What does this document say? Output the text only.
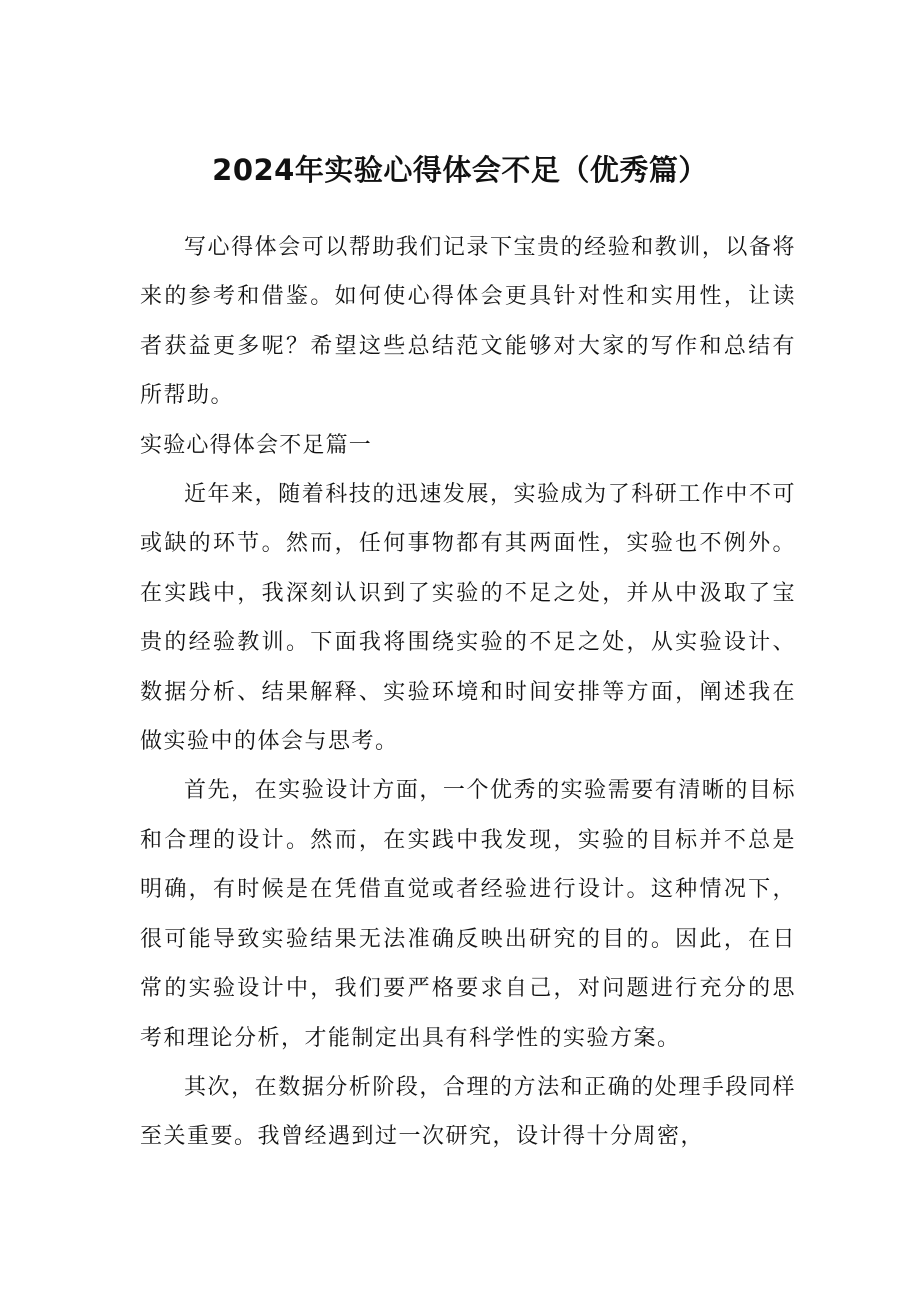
2024年实验心得体会不足（优秀篇）

写心得体会可以帮助我们记录下宝贵的经验和教训，以备将来的参考和借鉴。如何使心得体会更具针对性和实用性，让读者获益更多呢？希望这些总结范文能够对大家的写作和总结有所帮助。

实验心得体会不足篇一

近年来，随着科技的迅速发展，实验成为了科研工作中不可或缺的环节。然而，任何事物都有其两面性，实验也不例外。在实践中，我深刻认识到了实验的不足之处，并从中汲取了宝贵的经验教训。下面我将围绕实验的不足之处，从实验设计、数据分析、结果解释、实验环境和时间安排等方面，阐述我在做实验中的体会与思考。

首先，在实验设计方面，一个优秀的实验需要有清晰的目标和合理的设计。然而，在实践中我发现，实验的目标并不总是明确，有时候是在凭借直觉或者经验进行设计。这种情况下，很可能导致实验结果无法准确反映出研究的目的。因此，在日常的实验设计中，我们要严格要求自己，对问题进行充分的思考和理论分析，才能制定出具有科学性的实验方案。

其次，在数据分析阶段，合理的方法和正确的处理手段同样至关重要。我曾经遇到过一次研究，设计得十分周密，
